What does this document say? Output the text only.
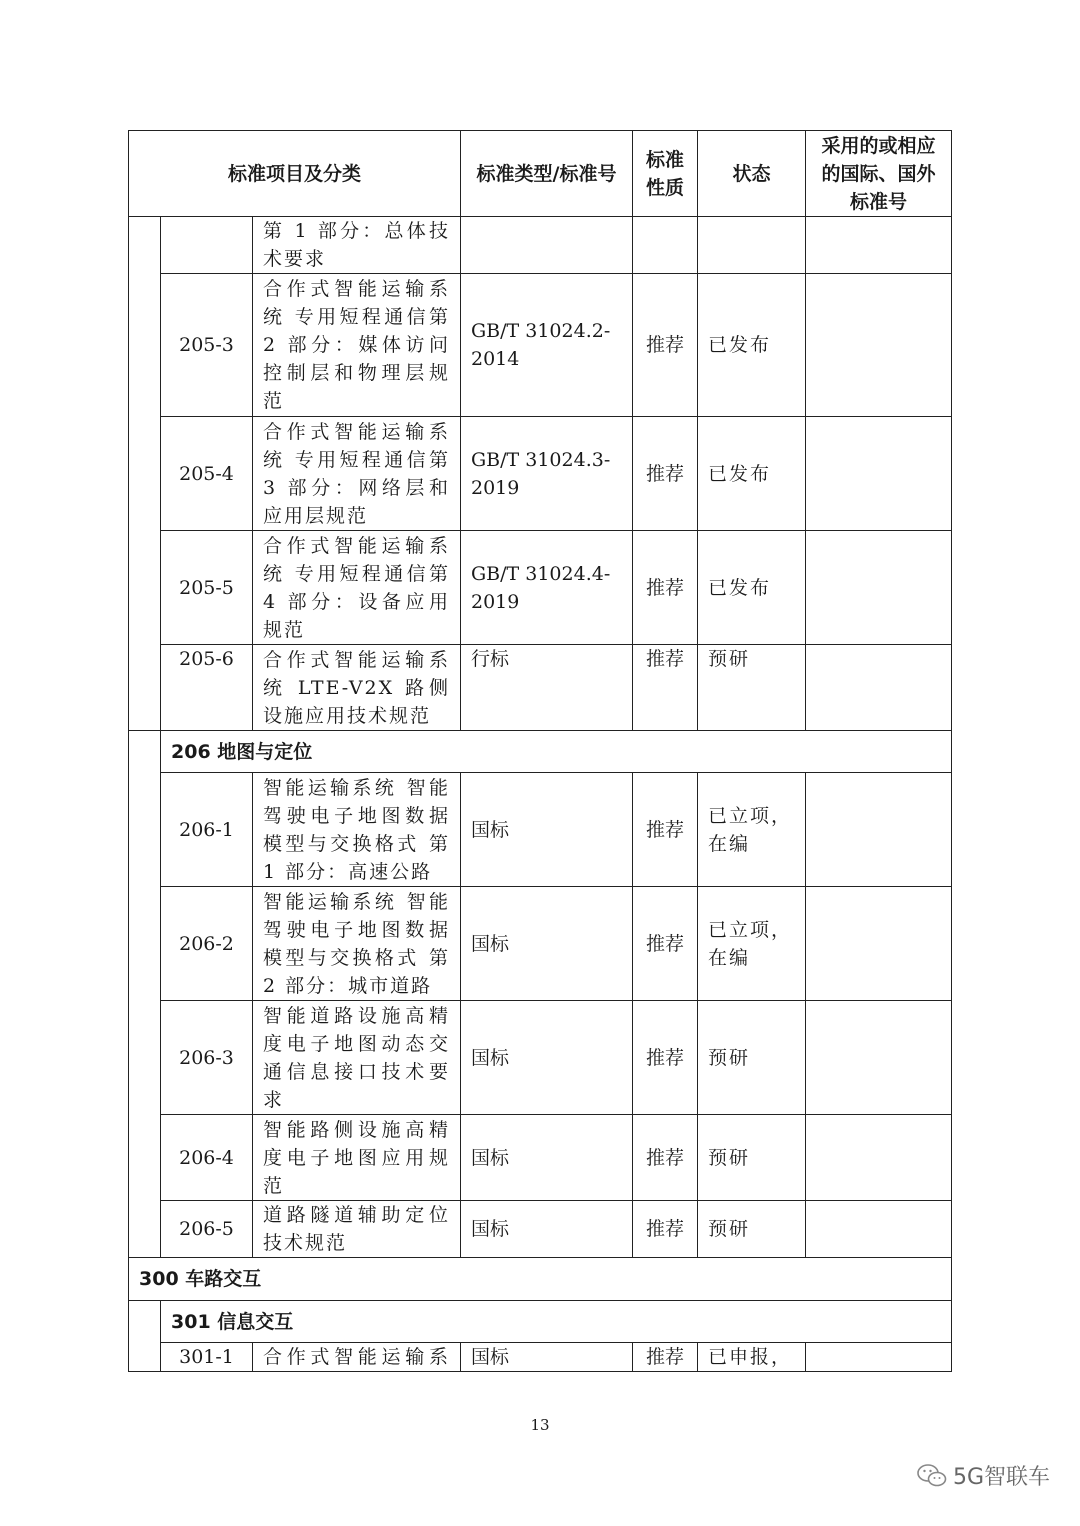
标准项目及分类			标准类型/标准号	标准性质	状态	采用的或相应的国际、国外标准号
		第 1 部分：总体技术要求				
	205-3	合作式智能运输系统 专用短程通信第 2 部分：媒体访问控制层和物理层规范	GB/T 31024.2-2014	推荐	已发布	
	205-4	合作式智能运输系统 专用短程通信第 3 部分：网络层和应用层规范	GB/T 31024.3-2019	推荐	已发布	
	205-5	合作式智能运输系统 专用短程通信第 4 部分：设备应用规范	GB/T 31024.4-2019	推荐	已发布	
	205-6	合作式智能运输系统 LTE-V2X 路侧设施应用技术规范	行标	推荐	预研	
	206 地图与定位					
	206-1	智能运输系统 智能驾驶电子地图数据模型与交换格式 第 1 部分：高速公路	国标	推荐	已立项，在编	
	206-2	智能运输系统 智能驾驶电子地图数据模型与交换格式 第 2 部分：城市道路	国标	推荐	已立项，在编	
	206-3	智能道路设施高精度电子地图动态交通信息接口技术要求	国标	推荐	预研	
	206-4	智能路侧设施高精度电子地图应用规范	国标	推荐	预研	
	206-5	道路隧道辅助定位技术规范	国标	推荐	预研	
300 车路交互						
	301 信息交互					
	301-1	合作式智能运输系	国标	推荐	已申报，	
13
5G智联车
